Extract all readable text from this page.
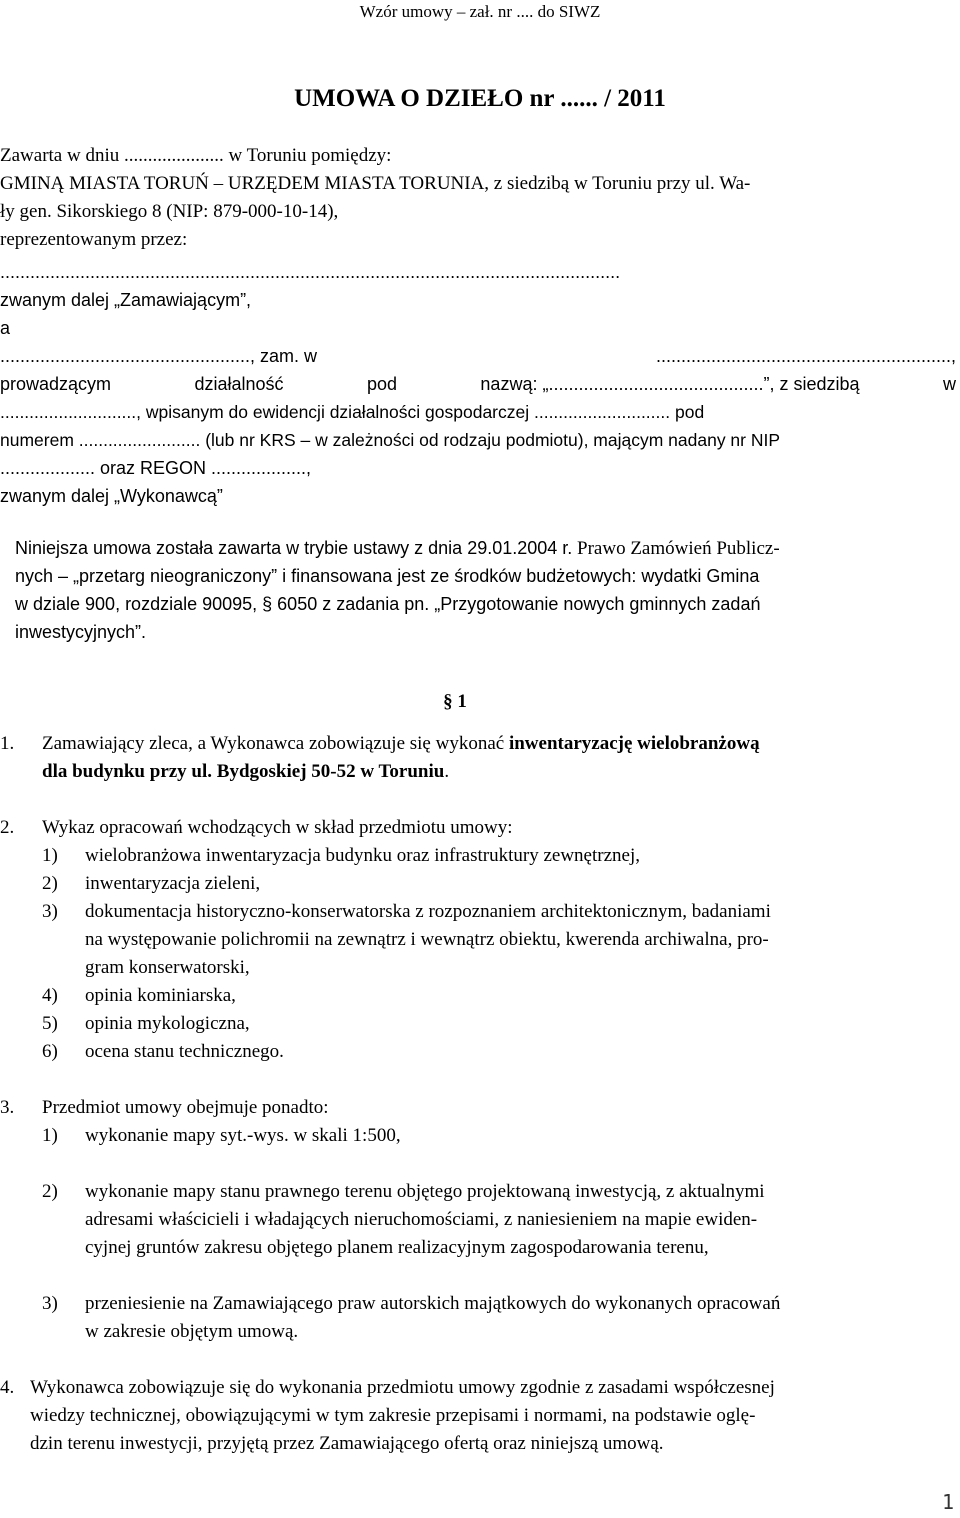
Wzór umowy – zał. nr .... do SIWZ
UMOWA O DZIEŁO nr ...... / 2011
Zawarta w dniu ..................... w Toruniu pomiędzy:
GMINĄ MIASTA TORUŃ – URZĘDEM MIASTA TORUNIA, z siedzibą w Toruniu przy ul. Wa-
ły gen. Sikorskiego 8 (NIP: 879-000-10-14),
reprezentowanym przez:
............................................................................................................................
zwanym dalej „Zamawiającym”,
a
.................................................., zam. w	...........................................................,
prowadzącym	działalność	pod	nazwą: „...........................................”, z siedzibą	w
............................, wpisanym do ewidencji działalności gospodarczej ............................ pod
numerem ......................... (lub nr KRS – w zależności od rodzaju podmiotu), mającym nadany nr NIP
................... oraz REGON ...................,
zwanym dalej „Wykonawcą”
Niniejsza umowa została zawarta w trybie ustawy z dnia 29.01.2004 r. Prawo Zamówień Publicz-
nych – „przetarg nieograniczony” i finansowana jest ze środków budżetowych: wydatki Gmina
w dziale 900, rozdziale 90095, § 6050 z zadania pn. „Przygotowanie nowych gminnych zadań
inwestycyjnych”.
§ 1
1. Zamawiający zleca, a Wykonawca zobowiązuje się wykonać inwentaryzację wielobranżową
dla budynku przy ul. Bydgoskiej 50-52 w Toruniu.
2. Wykaz opracowań wchodzących w skład przedmiotu umowy:
1) wielobranżowa inwentaryzacja budynku oraz infrastruktury zewnętrznej,
2) inwentaryzacja zieleni,
3) dokumentacja historyczno-konserwatorska z rozpoznaniem architektonicznym, badaniami
na występowanie polichromii na zewnątrz i wewnątrz obiektu, kwerenda archiwalna, pro-
gram konserwatorski,
4) opinia kominiarska,
5) opinia mykologiczna,
6) ocena stanu technicznego.
3. Przedmiot umowy obejmuje ponadto:
1) wykonanie mapy syt.-wys. w skali 1:500,
2) wykonanie mapy stanu prawnego terenu objętego projektowaną inwestycją, z aktualnymi
adresami właścicieli i władających nieruchomościami, z naniesieniem na mapie ewiden-
cyjnej gruntów zakresu objętego planem realizacyjnym zagospodarowania terenu,
3) przeniesienie na Zamawiającego praw autorskich majątkowych do wykonanych opracowań
w zakresie objętym umową.
4. Wykonawca zobowiązuje się do wykonania przedmiotu umowy zgodnie z zasadami współczesnej
wiedzy technicznej, obowiązującymi w tym zakresie przepisami i normami, na podstawie oglę-
dzin terenu inwestycji, przyjętą przez Zamawiającego ofertą oraz niniejszą umową.
1
